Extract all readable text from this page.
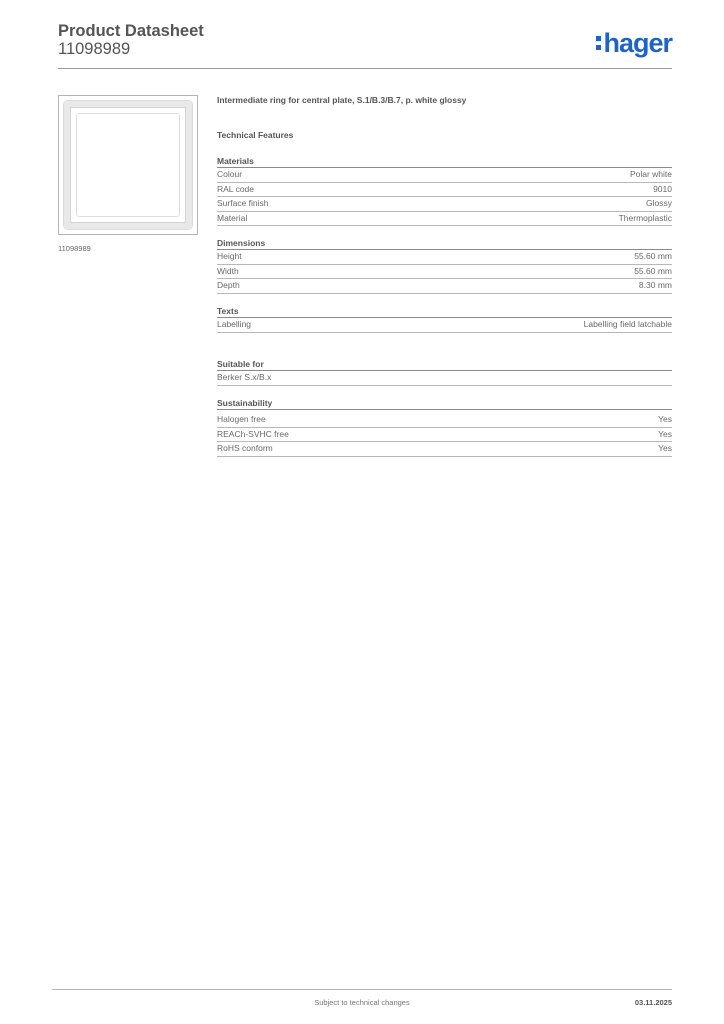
Product Datasheet
11098989	hager
11098989
Intermediate ring for central plate, S.1/B.3/B.7, p. white glossy
Technical Features
Materials
Colour	Polar white
RAL code	9010
Surface finish	Glossy
Material	Thermoplastic
Dimensions
Height	55.60 mm
Width	55.60 mm
Depth	8.30 mm
Texts
Labelling	Labelling field latchable
Suitable for
Berker S.x/B.x
Sustainability
Halogen free	Yes
REACh-SVHC free	Yes
RoHS conform	Yes
Subject to technical changes	03.11.2025
